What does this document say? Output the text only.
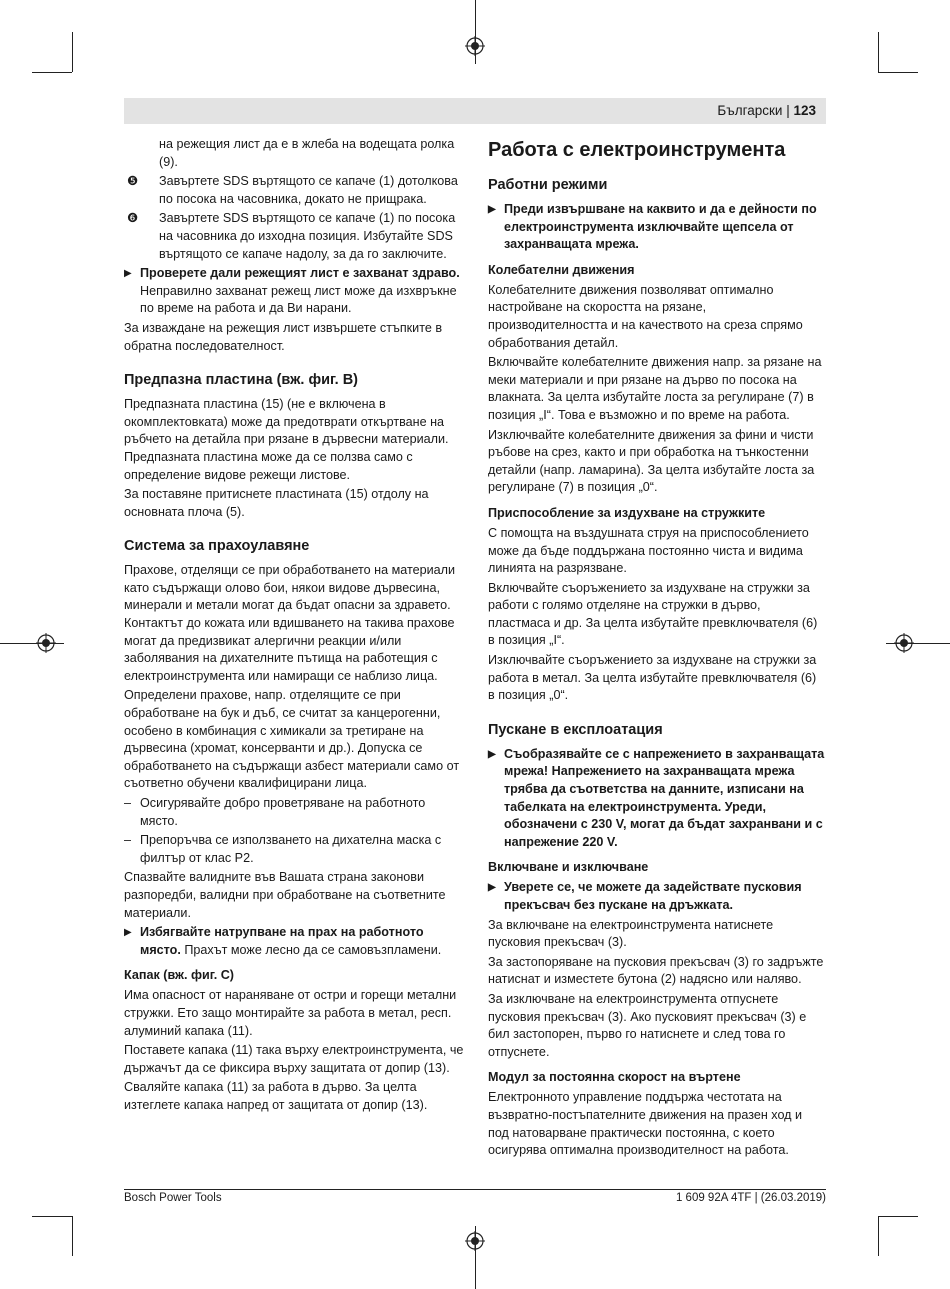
Български | 123

на режещия лист да е в жлеба на водещата ролка (9).

❺ Завъртете SDS въртящото се капаче (1) дотолкова по посока на часовника, докато не прищрака.
❻ Завъртете SDS въртящото се капаче (1) по посока на часовника до изходна позиция. Избутайте SDS въртящото се капаче надолу, за да го заключите.
▶ Проверете дали режещият лист е захванат здраво. Неправилно захванат режещ лист може да изхвръкне по време на работа и да Ви нарани.

За изваждане на режещия лист извършете стъпките в обратна последователност.

Предпазна пластина (вж. фиг. B)

Предпазната пластина (15) (не е включена в окомплектовката) може да предотврати откъртване на ръбчето на детайла при рязане в дървесни материали. Предпазната пластина може да се ползва само с определение видове режещи листове.

За поставяне притиснете пластината (15) отдолу на основната плоча (5).

Система за прахоулавяне

Прахове, отделящи се при обработването на материали като съдържащи олово бои, някои видове дървесина, минерали и метали могат да бъдат опасни за здравето. Контактът до кожата или вдишването на такива прахове могат да предизвикат алергични реакции и/или заболявания на дихателните пътища на работещия с електроинструмента или намиращи се наблизо лица.

Определени прахове, напр. отделящите се при обработване на бук и дъб, се считат за канцерогенни, особено в комбинация с химикали за третиране на дървесина (хромат, консерванти и др.). Допуска се обработването на съдържащи азбест материали само от съответно обучени квалифицирани лица.

– Осигурявайте добро проветряване на работното място.
– Препоръчва се използването на дихателна маска с филтър от клас P2.

Спазвайте валидните във Вашата страна законови разпоредби, валидни при обработване на съответните материали.

▶ Избягвайте натрупване на прах на работното място. Прахът може лесно да се самовъзпламени.
Капак (вж. фиг. C)

Има опасност от нараняване от остри и горещи метални стружки. Ето защо монтирайте за работа в метал, респ. алуминий капака (11).

Поставете капака (11) така върху електроинструмента, че държачът да се фиксира върху защитата от допир (13).

Сваляйте капака (11) за работа в дърво. За целта изтеглете капака напред от защитата от допир (13).

Работа с електроинструмента
Работни режими
▶ Преди извършване на каквито и да е дейности по електроинструмента изключвайте щепсела от захранващата мрежа.
Колебателни движения

Колебателните движения позволяват оптимално настройване на скоростта на рязане, производителността и на качеството на среза спрямо обработвания детайл.

Включвайте колебателните движения напр. за рязане на меки материали и при рязане на дърво по посока на влакната. За целта избутайте лоста за регулиране (7) в позиция „I“. Това е възможно и по време на работа.

Изключвайте колебателните движения за фини и чисти ръбове на срез, както и при обработка на тънкостенни детайли (напр. ламарина). За целта избутайте лоста за регулиране (7) в позиция „0“.

Приспособление за издухване на стружките

С помощта на въздушната струя на приспособлението може да бъде поддържана постоянно чиста и видима линията на разрязване.

Включвайте съоръжението за издухване на стружки за работи с голямо отделяне на стружки в дърво, пластмаса и др. За целта избутайте превключвателя (6) в позиция „I“.

Изключвайте съоръжението за издухване на стружки за работа в метал. За целта избутайте превключвателя (6) в позиция „0“.

Пускане в експлоатация
▶ Съобразявайте се с напрежението в захранващата мрежа! Напрежението на захранващата мрежа трябва да съответства на данните, изписани на табелката на електроинструмента. Уреди, обозначени с 230 V, могат да бъдат захранвани и с напрежение 220 V.
Включване и изключване
▶ Уверете се, че можете да задействате пусковия прекъсвач без пускане на дръжката.

За включване на електроинструмента натиснете пусковия прекъсвач (3).

За застопоряване на пусковия прекъсвач (3) го задръжте натиснат и изместете бутона (2) надясно или наляво.

За изключване на електроинструмента отпуснете пусковия прекъсвач (3). Ако пусковият прекъсвач (3) е бил застопорен, първо го натиснете и след това го отпуснете.

Модул за постоянна скорост на въртене

Електронното управление поддържа честотата на възвратно-постъпателните движения на празен ход и под натоварване практически постоянна, с което осигурява оптимална производителност на работа.

Bosch Power Tools	1 609 92A 4TF | (26.03.2019)
